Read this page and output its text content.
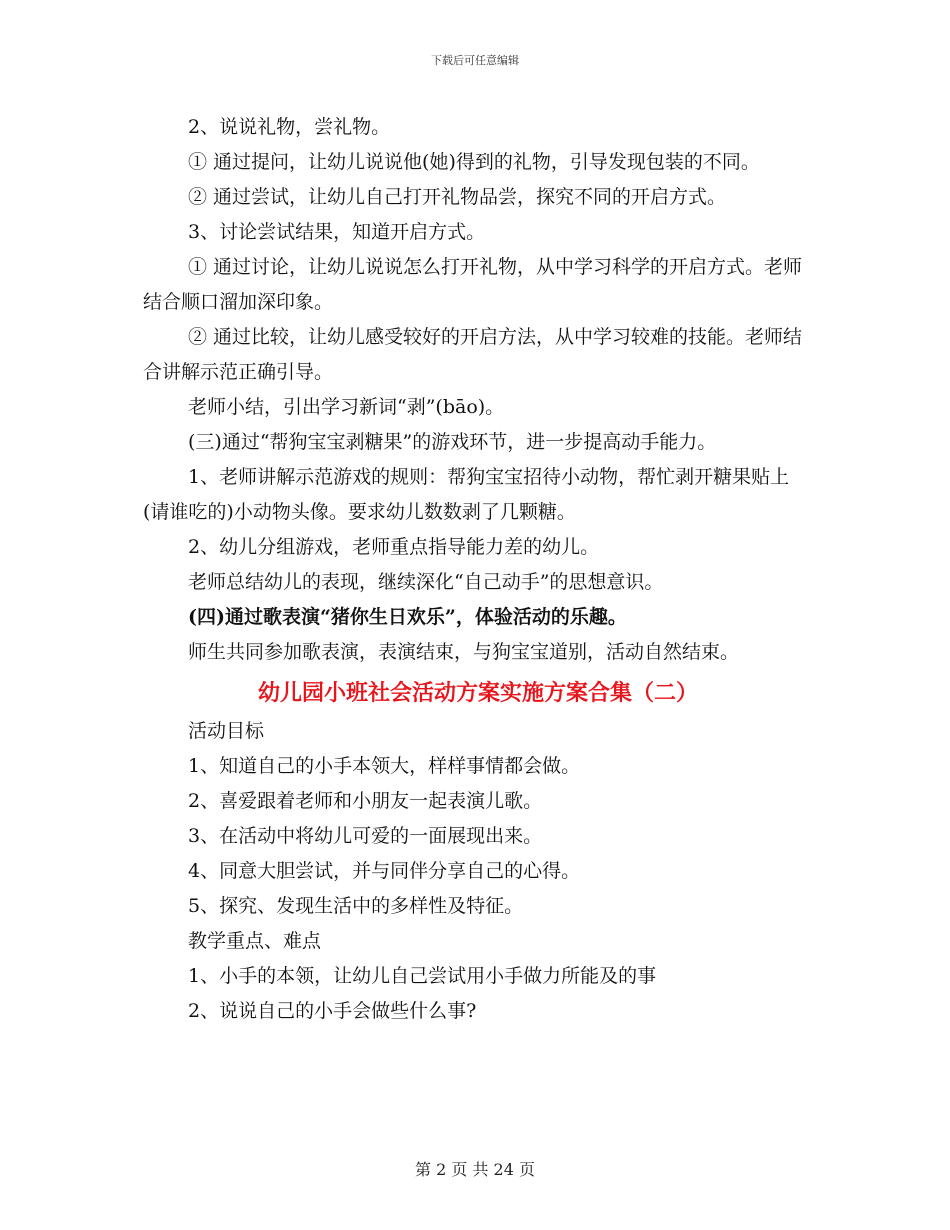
下载后可任意编辑

2、说说礼物，尝礼物。

① 通过提问，让幼儿说说他(她)得到的礼物，引导发现包装的不同。

② 通过尝试，让幼儿自己打开礼物品尝，探究不同的开启方式。

3、讨论尝试结果，知道开启方式。

① 通过讨论，让幼儿说说怎么打开礼物，从中学习科学的开启方式。老师结合顺口溜加深印象。

② 通过比较，让幼儿感受较好的开启方法，从中学习较难的技能。老师结合讲解示范正确引导。

老师小结，引出学习新词“剥”(bāo)。

(三)通过“帮狗宝宝剥糖果”的游戏环节，进一步提高动手能力。

1、老师讲解示范游戏的规则：帮狗宝宝招待小动物，帮忙剥开糖果贴上(请谁吃的)小动物头像。要求幼儿数数剥了几颗糖。

2、幼儿分组游戏，老师重点指导能力差的幼儿。

老师总结幼儿的表现，继续深化“自己动手”的思想意识。

(四)通过歌表演“猪你生日欢乐”，体验活动的乐趣。

师生共同参加歌表演，表演结束，与狗宝宝道别，活动自然结束。

幼儿园小班社会活动方案实施方案合集（二）

活动目标

1、知道自己的小手本领大，样样事情都会做。

2、喜爱跟着老师和小朋友一起表演儿歌。

3、在活动中将幼儿可爱的一面展现出来。

4、同意大胆尝试，并与同伴分享自己的心得。

5、探究、发现生活中的多样性及特征。

教学重点、难点

1、小手的本领，让幼儿自己尝试用小手做力所能及的事

2、说说自己的小手会做些什么事?

第 2 页 共 24 页
